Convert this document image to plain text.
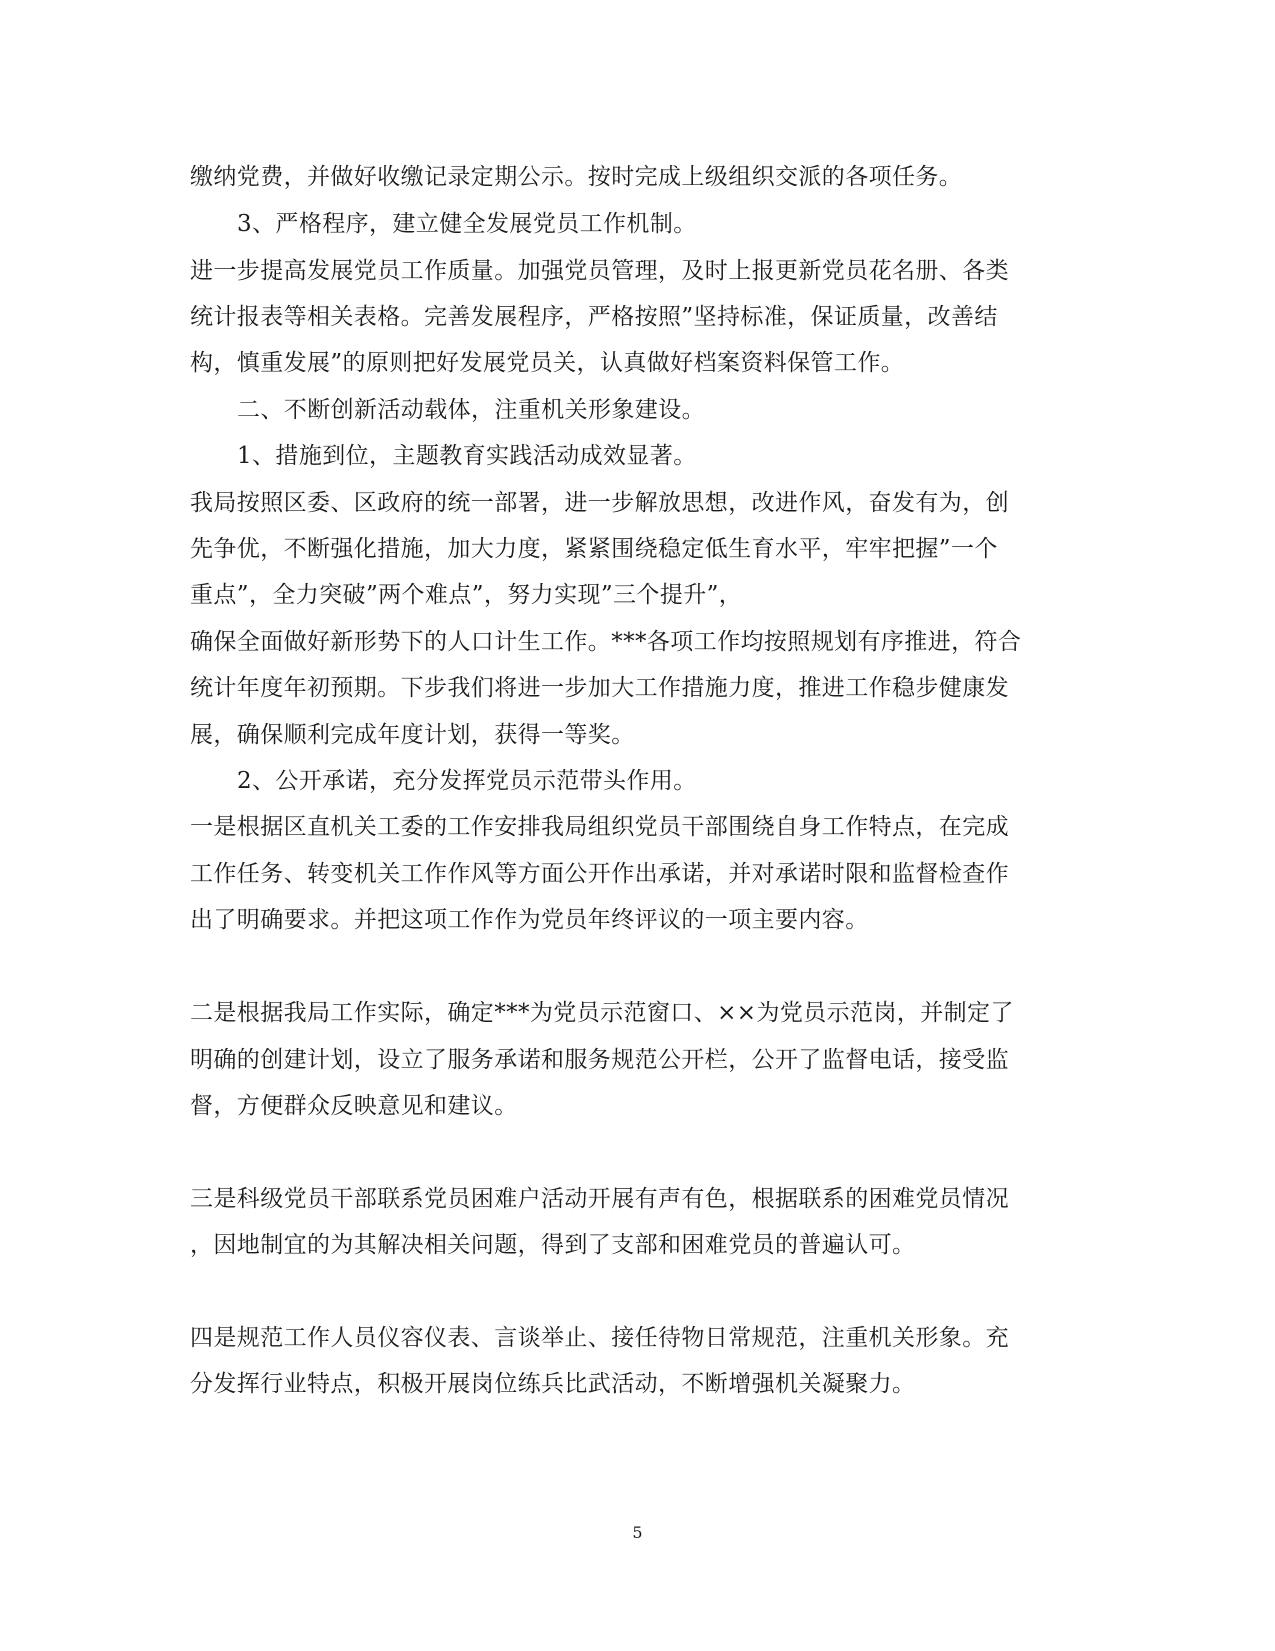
缴纳党费，并做好收缴记录定期公示。按时完成上级组织交派的各项任务。
3、严格程序，建立健全发展党员工作机制。
进一步提高发展党员工作质量。加强党员管理，及时上报更新党员花名册、各类
统计报表等相关表格。完善发展程序，严格按照”坚持标准，保证质量，改善结
构，慎重发展”的原则把好发展党员关，认真做好档案资料保管工作。
二、不断创新活动载体，注重机关形象建设。
1、措施到位，主题教育实践活动成效显著。
我局按照区委、区政府的统一部署，进一步解放思想，改进作风，奋发有为，创
先争优，不断强化措施，加大力度，紧紧围绕稳定低生育水平，牢牢把握”一个
重点”，全力突破”两个难点”，努力实现”三个提升”，
确保全面做好新形势下的人口计生工作。***各项工作均按照规划有序推进，符合
统计年度年初预期。下步我们将进一步加大工作措施力度，推进工作稳步健康发
展，确保顺利完成年度计划，获得一等奖。
2、公开承诺，充分发挥党员示范带头作用。
一是根据区直机关工委的工作安排我局组织党员干部围绕自身工作特点，在完成
工作任务、转变机关工作作风等方面公开作出承诺，并对承诺时限和监督检查作
出了明确要求。并把这项工作作为党员年终评议的一项主要内容。
二是根据我局工作实际，确定***为党员示范窗口、××为党员示范岗，并制定了
明确的创建计划，设立了服务承诺和服务规范公开栏，公开了监督电话，接受监
督，方便群众反映意见和建议。
三是科级党员干部联系党员困难户活动开展有声有色，根据联系的困难党员情况
，因地制宜的为其解决相关问题，得到了支部和困难党员的普遍认可。
四是规范工作人员仪容仪表、言谈举止、接任待物日常规范，注重机关形象。充
分发挥行业特点，积极开展岗位练兵比武活动，不断增强机关凝聚力。
5
